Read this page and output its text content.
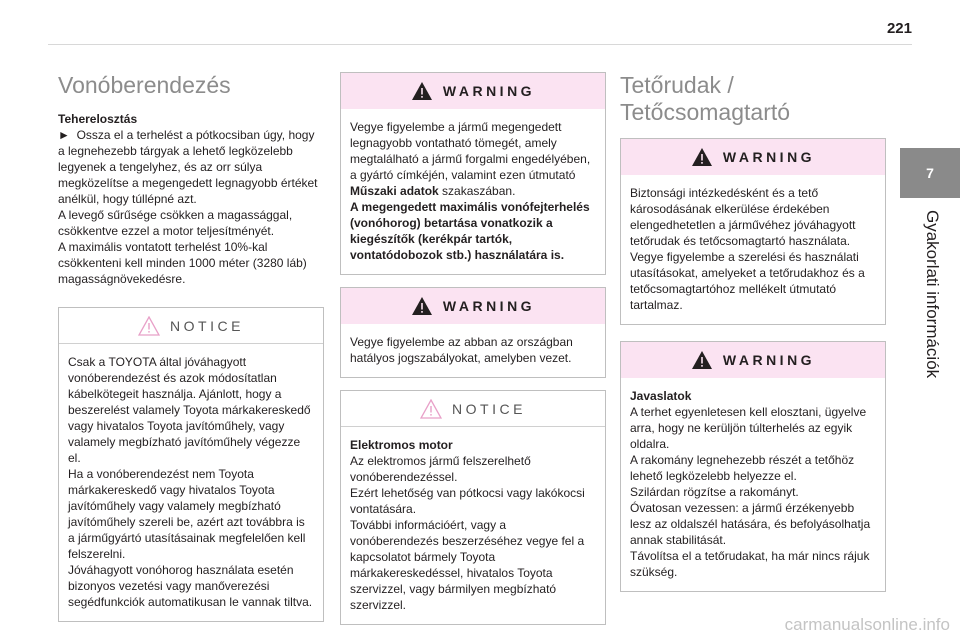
221
Vonóberendezés
Teherelosztás
► Ossza el a terhelést a pótkocsiban úgy, hogy a legnehezebb tárgyak a lehető legközelebb legyenek a tengelyhez, és az orr súlya megközelítse a megengedett legnagyobb értéket anélkül, hogy túllépné azt.
A levegő sűrűsége csökken a magassággal, csökkentve ezzel a motor teljesítményét.
A maximális vontatott terhelést 10%-kal csökkenteni kell minden 1000 méter (3280 láb) magasságnövekedésre.
NOTICE
Csak a TOYOTA által jóváhagyott vonóberendezést és azok módosítatlan kábelkötegeit használja. Ajánlott, hogy a beszerelést valamely Toyota márkakereskedő vagy hivatalos Toyota javítóműhely, vagy valamely megbízható javítóműhely végezze el.
Ha a vonóberendezést nem Toyota márkakereskedő vagy hivatalos Toyota javítóműhely vagy valamely megbízható javítóműhely szereli be, azért azt továbbra is a járműgyártó utasításainak megfelelően kell felszerelni.
Jóváhagyott vonóhorog használata esetén bizonyos vezetési vagy manőverezési segédfunkciók automatikusan le vannak tiltva.
WARNING
Vegye figyelembe a jármű megengedett legnagyobb vontatható tömegét, amely megtalálható a jármű forgalmi engedélyében, a gyártó címkéjén, valamint ezen útmutató Műszaki adatok szakaszában.
A megengedett maximális vonófejterhelés (vonóhorog) betartása vonatkozik a kiegészítők (kerékpár tartók, vontatódobozok stb.) használatára is.
WARNING
Vegye figyelembe az abban az országban hatályos jogszabályokat, amelyben vezet.
NOTICE
Elektromos motor
Az elektromos jármű felszerelhető vonóberendezéssel.
Ezért lehetőség van pótkocsi vagy lakókocsi vontatására.
További információért, vagy a vonóberendezés beszerzéséhez vegye fel a kapcsolatot bármely Toyota márkakereskedéssel, hivatalos Toyota szervizzel, vagy bármilyen megbízható szervizzel.
Tetőrudak /
Tetőcsomagtartó
WARNING
Biztonsági intézkedésként és a tető károsodásának elkerülése érdekében elengedhetetlen a járművéhez jóváhagyott tetőrudak és tetőcsomagtartó használata.
Vegye figyelembe a szerelési és használati utasításokat, amelyeket a tetőrudakhoz és a tetőcsomagtartóhoz mellékelt útmutató tartalmaz.
WARNING
Javaslatok
A terhet egyenletesen kell elosztani, ügyelve arra, hogy ne kerüljön túlterhelés az egyik oldalra.
A rakomány legnehezebb részét a tetőhöz lehető legközelebb helyezze el.
Szilárdan rögzítse a rakományt.
Óvatosan vezessen: a jármű érzékenyebb lesz az oldalszél hatására, és befolyásolhatja annak stabilitását.
Távolítsa el a tetőrudakat, ha már nincs rájuk szükség.
7
Gyakorlati információk
carmanualsonline.info
